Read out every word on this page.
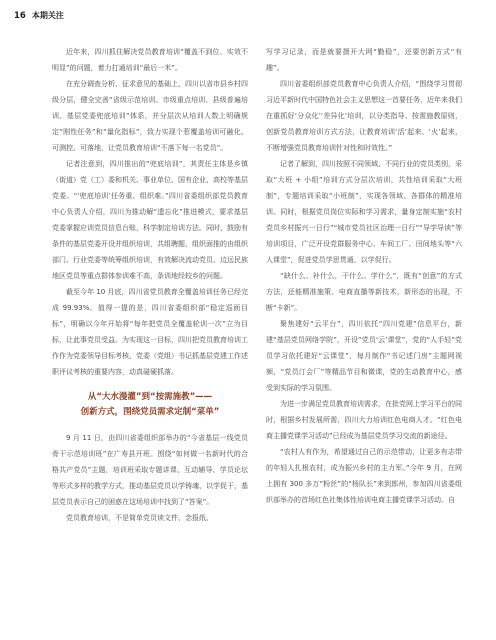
16 本期关注

近年来，四川抓住解决党员教育培训“覆盖不到位、实效不明显”的问题，着力打通培训“最后一米”。

在充分调查分析、征求意见的基础上，四川以省市县乡村四级分层，健全完善“省级示范培训、市级重点培训、县级普遍培训、基层党委兜底培训”体系，并分层次从培训人数上明确规定“刚性任务”和“量化指标”，致力实现个惹覆盖培训可融化、可测控、可落地，让党员教育培训“不落下每一名党员”。

记者注意到，四川推出的“兜底培训”，其责任主体是乡镇（街道）党（工）委和机关、事业单位、国有企业、高校等基层党委。“‘兜底培训’任务重、组织难。”四川省委组织部党员教育中心负责人介绍，四川为推动解“遗忘化”推进模式，要求基层党委掌握应训党员信息台账，科学制定培训方法。同时，鼓励有条件的基层党委开设并组织培训，共组聘题，组织面推的由组织部门、行业党委等统筹组织培训，有效解决流动党员、边远民族地区党员等重点群体参训难不高，条训地经较乡的问题。

截至今年 10 月底，四川省党员教育全覆盖培训任务已经完成 99.93%。值得一提的是，四川省委组织部“稳定巡面目标”，明确以今年开始将“每年把党员全覆盖轮训一次”立为目标，让此事党员受益。为实现这一目标，四川把党员教育培训工作作为党委领导目标考核、党委（党组）书记抓基层党建工作述职评议考核的重要内容，动真碰硬抓落。

从“大水漫灌”到“按需施教”——
创新方式，围绕党员需求定制“菜单”

9 月 11 日，由四川省委组织部举办的“今省基层一线党员骨干示范培训班”在广寿县开班。围绕“如何做一名新时代的合格共产党员”主题，培训班采取专题讲课、互动辅导、学员论坛等形式多样的教学方式，推动基层党员以学铸魂、以学促干，基层党员表示自己的困惑在这场培训中找到了“答案”。

党员教育培训，不是简单党员读文件、念报纸、

写学习记录，而是就要摄开大网“勤稳”，还要创新方式“有趣”。

四川省委组织部党员教育中心负责人介绍，“围绕学习贯彻习近平新时代中国特色社会主义思想这一首要任务，近年来我们在重抓好‘分众化’‘差异化’培训，以分类指导、按需施教原则，创新党员教育培训方式方法，让教育培训‘活’起来、‘火’起来，不断增强党员教育培训针对性和时效性。”

记者了解到，四川按照不同领域、不同行业的党员类别，采取“大班 + 小组”培训方式分层次培训，共性培训采取“大班制”，专题培训采取“小班制”，实现各领域、各群体的精准培训。同时，根据党员岗位实际和学习需求，量身定制实施“农村党员乡村振兴一日行”“城市党员社区治理一日行”“导学导读”等培训项目，广泛开设党群服务中心、车间工厂、田间地头等“六人课堂”，促进党员学思贯通、以学促行。

“缺什么、补什么，干什么、学什么”，既有“创意”的方式方法，还能精准施策、电商直播等新技术，新形态的出现，不断“卡新”。

聚焦建好“云平台”，四川依托“四川党建”信息平台，新建“基层党员网络学院”，开设“党员‘云’课堂”，党的“人手轻”党员学习依托建好“云课堂”，每月制作“书记述门房”主题网视频，“党员汀会厂”等精品节目和微课，党的生动教育中心，感受到实际的学习氛围。

为进一步满足党员教育培训需求，在批党网上学习平台的同时，根据乡村发展所需，四川大力培训红色电商人才。“红色电商主播党课学习活动”已经成为基层党员学习交流的新途径。

“农村人有作为，希望通过自己的示范带动，让更多有志带的年轻人扎根农村，成为振兴乡村的主力军。”今年 9 月，在网上拥有 300 多万“粉丝”的“杨队长”来到郎州，参加四川省委组织部举办的首场红色社集体性培训电商主播党课学习活动。自
